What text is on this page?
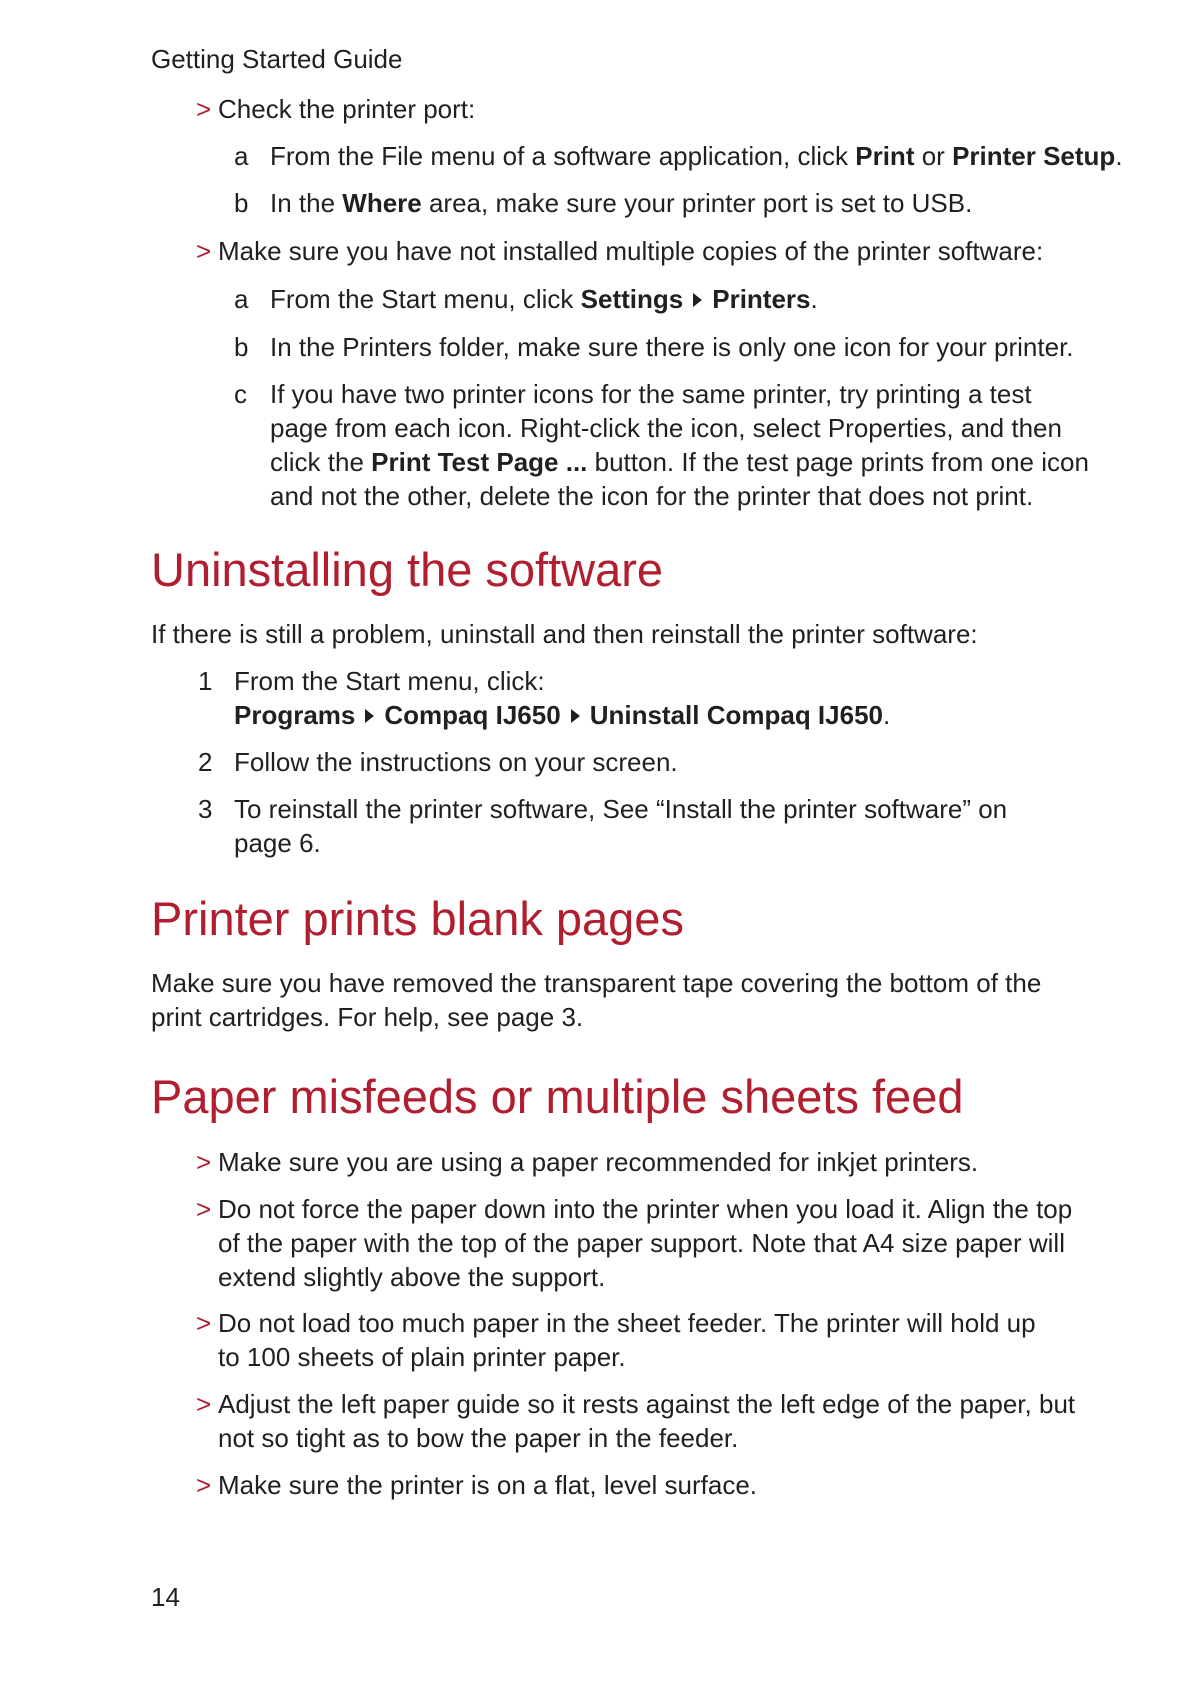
Getting Started Guide
> Check the printer port:
a From the File menu of a software application, click Print or Printer Setup.
b In the Where area, make sure your printer port is set to USB.
> Make sure you have not installed multiple copies of the printer software:
a From the Start menu, click Settings Printers.
b In the Printers folder, make sure there is only one icon for your printer.
c If you have two printer icons for the same printer, try printing a test page from each icon. Right-click the icon, select Properties, and then click the Print Test Page ... button. If the test page prints from one icon and not the other, delete the icon for the printer that does not print.
Uninstalling the software

If there is still a problem, uninstall and then reinstall the printer software:

1 From the Start menu, click:
Programs Compaq IJ650 Uninstall Compaq IJ650.
2 Follow the instructions on your screen.
3 To reinstall the printer software, See “Install the printer software” on page 6.
Printer prints blank pages

Make sure you have removed the transparent tape covering the bottom of the print cartridges. For help, see page 3.

Paper misfeeds or multiple sheets feed
> Make sure you are using a paper recommended for inkjet printers.
> Do not force the paper down into the printer when you load it. Align the top of the paper with the top of the paper support. Note that A4 size paper will extend slightly above the support.
> Do not load too much paper in the sheet feeder. The printer will hold up to 100 sheets of plain printer paper.
> Adjust the left paper guide so it rests against the left edge of the paper, but not so tight as to bow the paper in the feeder.
> Make sure the printer is on a flat, level surface.
14
